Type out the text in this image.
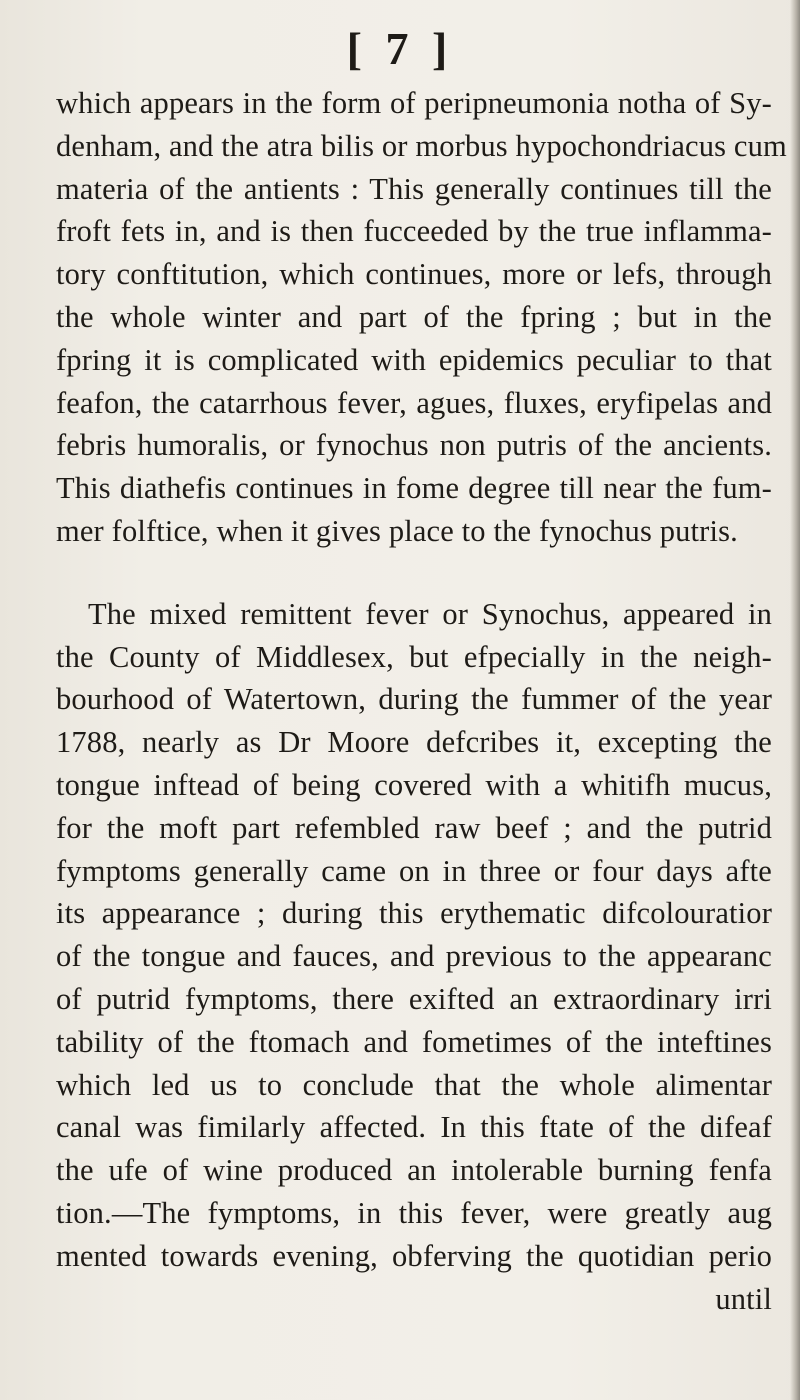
[ 7 ]
which appears in the form of peripneumonia notha of Sy-
denham, and the atra bilis or morbus hypochondriacus cum
materia of the antients : This generally continues till the
froft fets in, and is then fucceeded by the true inflamma-
tory conftitution, which continues, more or lefs, through
the whole winter and part of the fpring ; but in the
fpring it is complicated with epidemics peculiar to that
feafon, the catarrhous fever, agues, fluxes, eryfipelas and
febris humoralis, or fynochus non putris of the ancients.
This diathefis continues in fome degree till near the fum-
mer folftice, when it gives place to the fynochus putris.
The mixed remittent fever or Synochus, appeared in
the County of Middlesex, but efpecially in the neigh-
bourhood of Watertown, during the fummer of the year
1788, nearly as Dr Moore defcribes it, excepting the
tongue inftead of being covered with a whitifh mucus,
for the moft part refembled raw beef ; and the putrid
fymptoms generally came on in three or four days afte
its appearance ; during this erythematic difcolouratior
of the tongue and fauces, and previous to the appearanc
of putrid fymptoms, there exifted an extraordinary irri
tability of the ftomach and fometimes of the inteftines
which led us to conclude that the whole alimentar
canal was fimilarly affected. In this ftate of the difeaf
the ufe of wine produced an intolerable burning fenfa
tion.—The fymptoms, in this fever, were greatly aug
mented towards evening, obferving the quotidian perio
until
